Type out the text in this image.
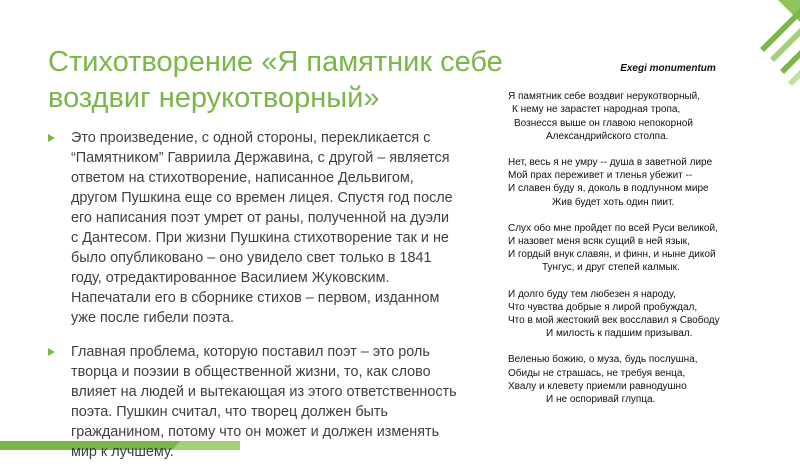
Стихотворение «Я памятник себе воздвиг нерукотворный»
Это произведение, с одной стороны, перекликается с “Памятником” Гавриила Державина, с другой – является ответом на стихотворение, написанное Дельвигом, другом Пушкина еще со времен лицея. Спустя год после его написания поэт умрет от раны, полученной на дуэли с Дантесом. При жизни Пушкина стихотворение так и не было опубликовано – оно увидело свет только в 1841 году, отредактированное Василием Жуковским. Напечатали его в сборнике стихов – первом, изданном уже после гибели поэта.
Главная проблема, которую поставил поэт – это роль творца и поэзии в общественной жизни, то, как слово влияет на людей и вытекающая из этого ответственность поэта. Пушкин считал, что творец должен быть гражданином, потому что он может и должен изменять мир к лучшему.
Exegi monumentum
Я памятник себе воздвиг нерукотворный,
К нему не зарастет народная тропа,
Вознесся выше он главою непокорной
Александрийского столпа.
Нет, весь я не умру -- душа в заветной лире
Мой прах переживет и тленья убежит --
И славен буду я, доколь в подлунном мире
Жив будет хоть один пиит.
Слух обо мне пройдет по всей Руси великой,
И назовет меня всяк сущий в ней язык,
И гордый внук славян, и финн, и ныне дикой
Тунгус, и друг степей калмык.
И долго буду тем любезен я народу,
Что чувства добрые я лирой пробуждал,
Что в мой жестокий век восславил я Свободу
И милость к падшим призывал.
Веленью божию, о муза, будь послушна,
Обиды не страшась, не требуя венца,
Хвалу и клевету приемли равнодушно
И не оспоривай глупца.
